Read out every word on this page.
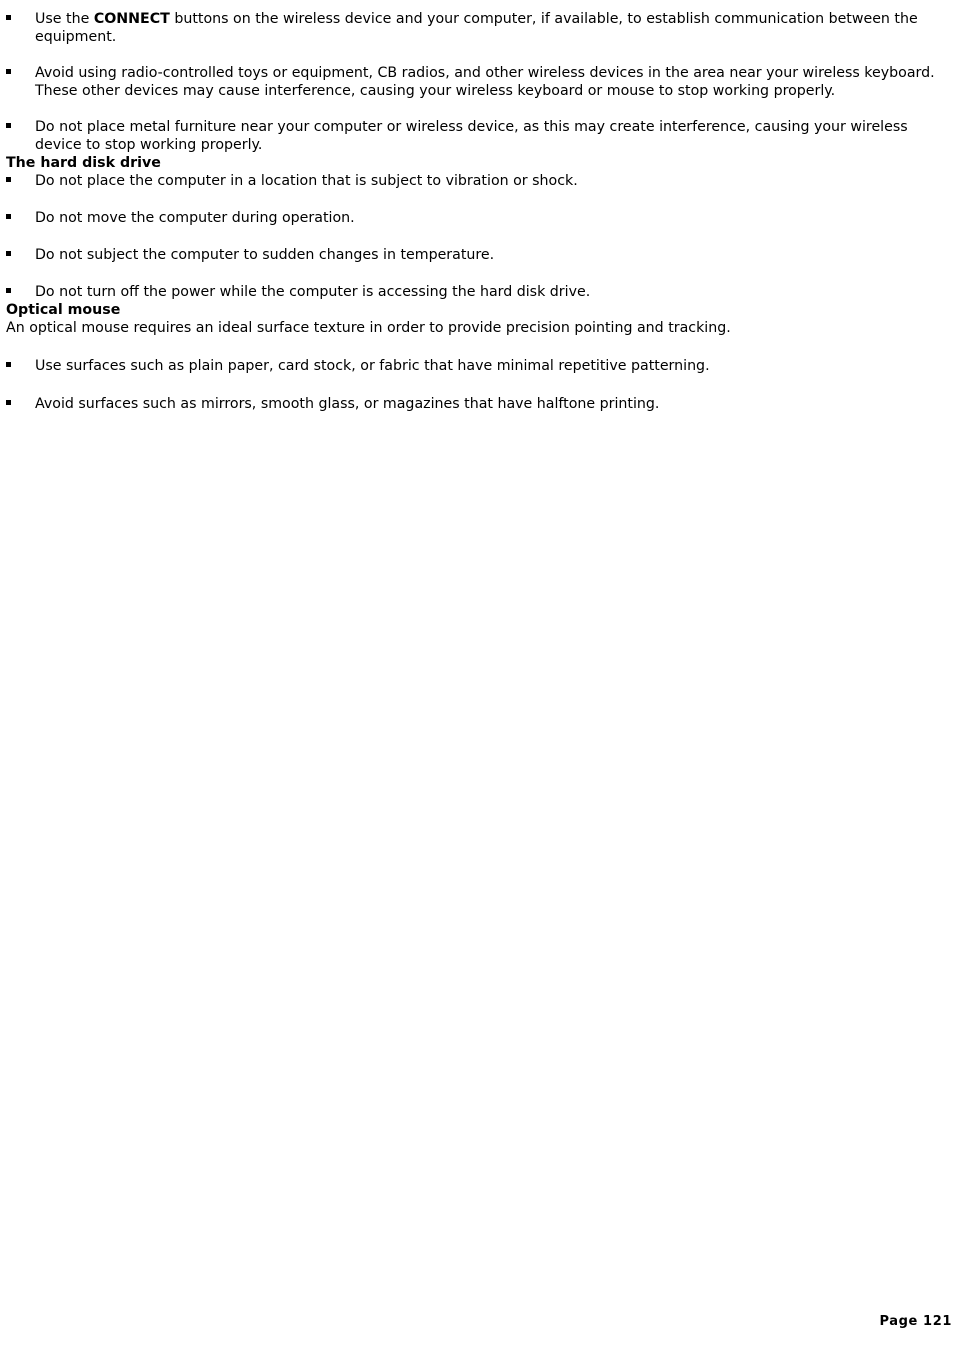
Use the CONNECT buttons on the wireless device and your computer, if available, to establish communication between the equipment.
Avoid using radio-controlled toys or equipment, CB radios, and other wireless devices in the area near your wireless keyboard. These other devices may cause interference, causing your wireless keyboard or mouse to stop working properly.
Do not place metal furniture near your computer or wireless device, as this may create interference, causing your wireless device to stop working properly.
The hard disk drive
Do not place the computer in a location that is subject to vibration or shock.
Do not move the computer during operation.
Do not subject the computer to sudden changes in temperature.
Do not turn off the power while the computer is accessing the hard disk drive.
Optical mouse

An optical mouse requires an ideal surface texture in order to provide precision pointing and tracking.

Use surfaces such as plain paper, card stock, or fabric that have minimal repetitive patterning.
Avoid surfaces such as mirrors, smooth glass, or magazines that have halftone printing.
Page 121
